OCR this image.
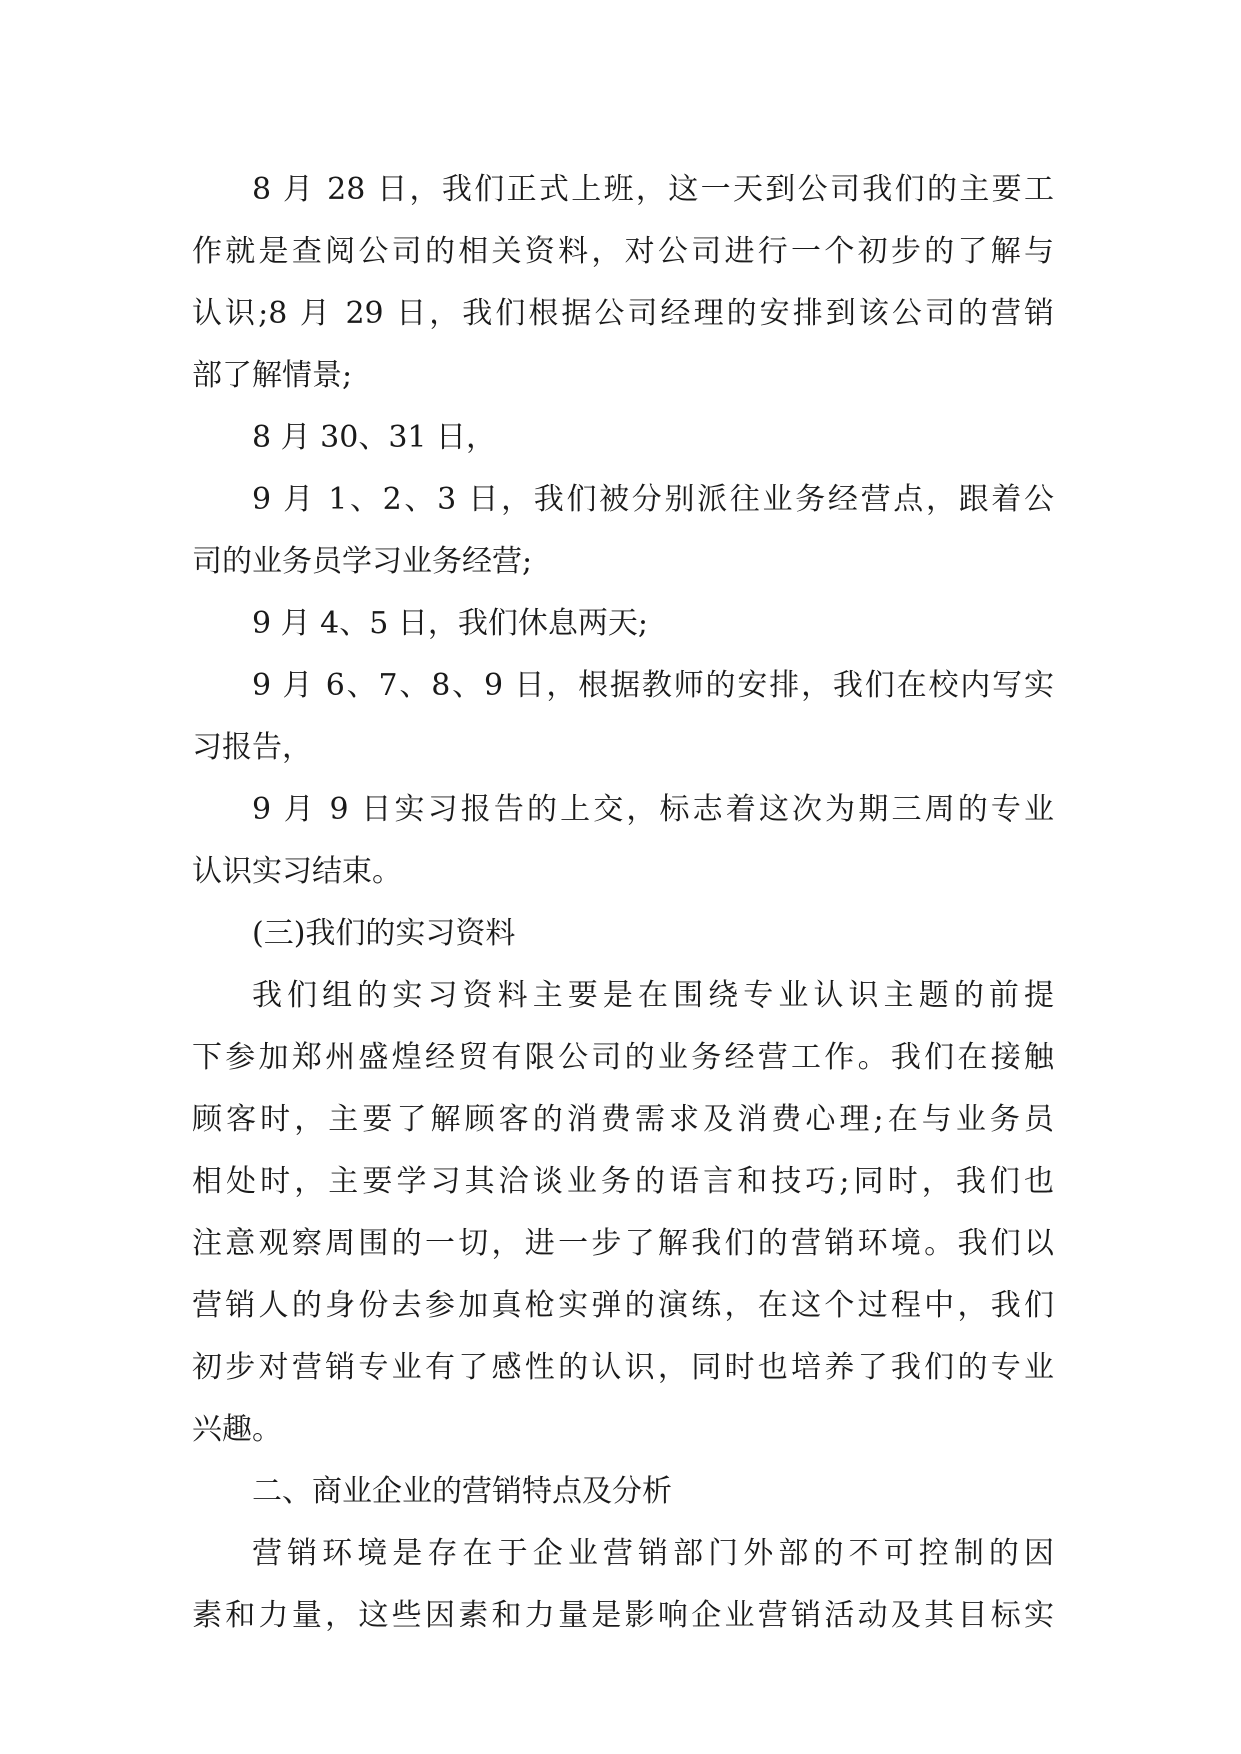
8 月 28 日，我们正式上班，这一天到公司我们的主要工
作就是查阅公司的相关资料，对公司进行一个初步的了解与
认识;8 月 29 日，我们根据公司经理的安排到该公司的营销
部了解情景;
8 月 30、31 日，
9 月 1、2、3 日，我们被分别派往业务经营点，跟着公
司的业务员学习业务经营;
9 月 4、5 日，我们休息两天;
9 月 6、7、8、9 日，根据教师的安排，我们在校内写实
习报告，
9 月 9 日实习报告的上交，标志着这次为期三周的专业
认识实习结束。
(三)我们的实习资料
我们组的实习资料主要是在围绕专业认识主题的前提
下参加郑州盛煌经贸有限公司的业务经营工作。我们在接触
顾客时，主要了解顾客的消费需求及消费心理;在与业务员
相处时，主要学习其洽谈业务的语言和技巧;同时，我们也
注意观察周围的一切，进一步了解我们的营销环境。我们以
营销人的身份去参加真枪实弹的演练，在这个过程中，我们
初步对营销专业有了感性的认识，同时也培养了我们的专业
兴趣。
二、商业企业的营销特点及分析
营销环境是存在于企业营销部门外部的不可控制的因
素和力量，这些因素和力量是影响企业营销活动及其目标实
